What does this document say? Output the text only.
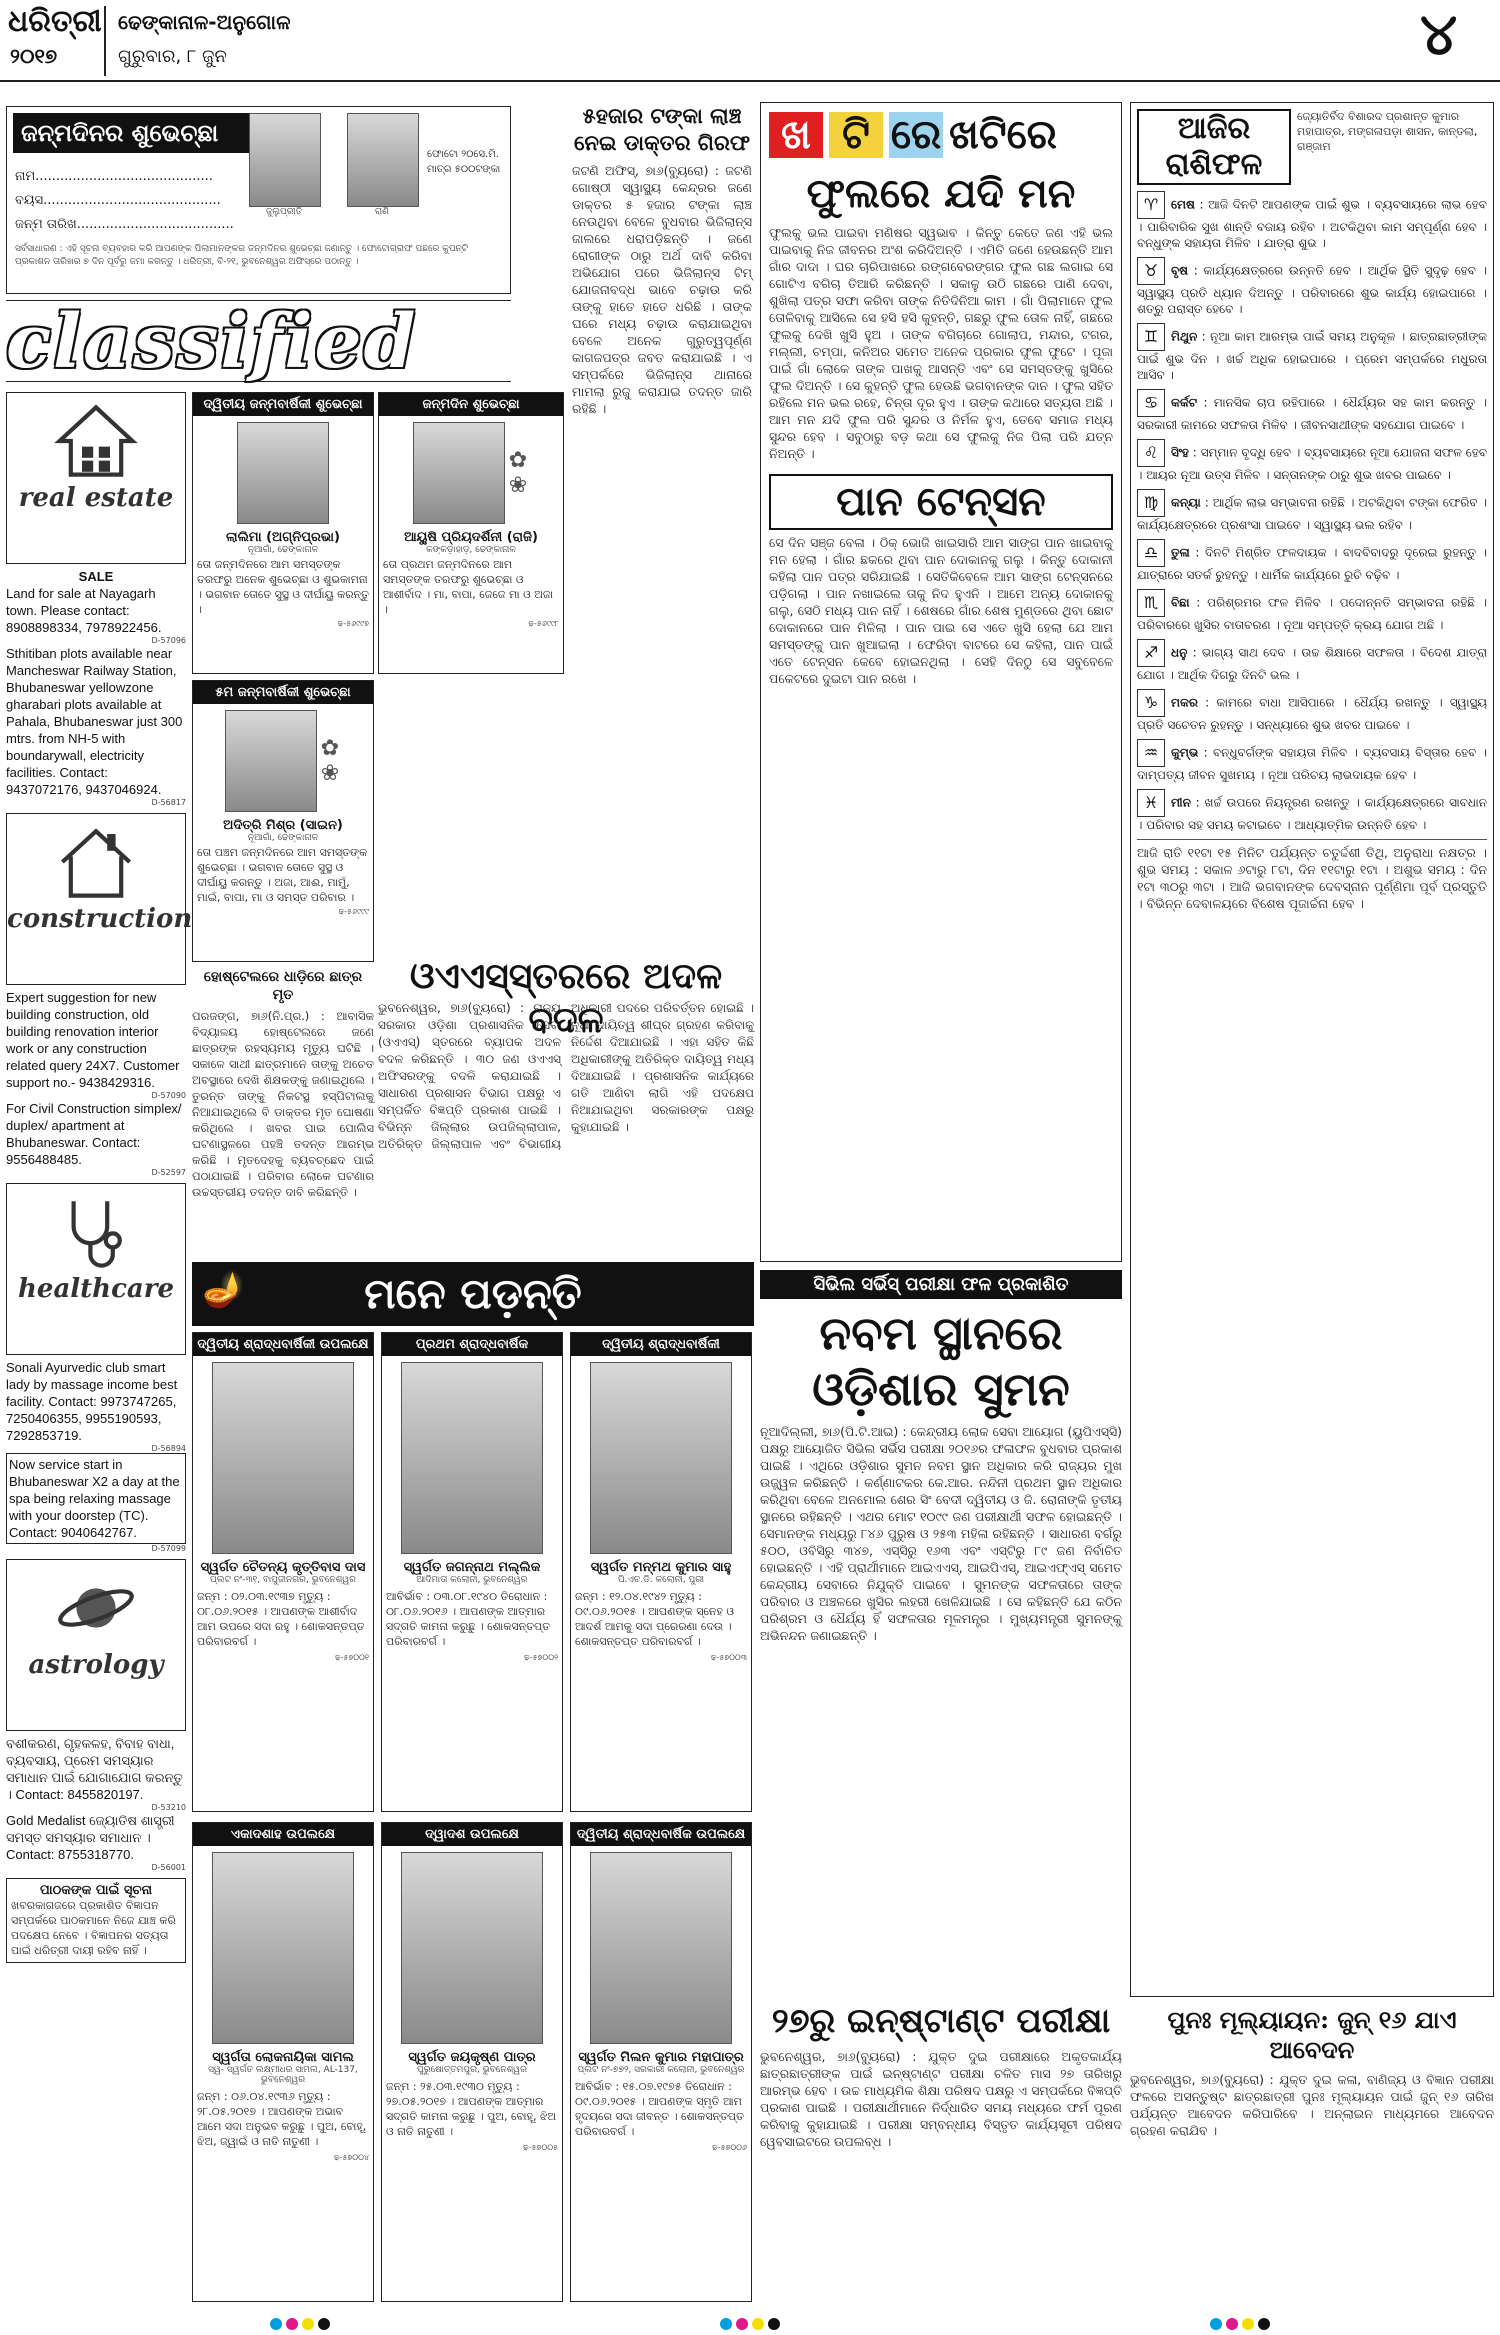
ଧରିତ୍ରୀ
୨୦୧୭
ଢେଙ୍କାନାଳ-ଅନୁଗୋଳ
ଗୁରୁବାର, ୮ ଜୁନ	୪
ଜନ୍ମଦିନର ଶୁଭେଚ୍ଛା
ନାମ...........................................
ବୟସ...........................................
ଜନ୍ମ ତାରିଖ......................................
ଜୁଲୁପ୍ରୀତି	ରାଣି
ଫୋଟୋ ୨୦ସେ.ମି. ମାତ୍ର ୫୦୦ଟଙ୍କା
ସର୍ବସାଧାରଣ : ଏହି ସୂଚନା ବ୍ୟବହାର କରି ଆପଣଙ୍କ ପିଲାମାନଙ୍କର ଜନ୍ମଦିନର ଶୁଭେଚ୍ଛା ଜଣାନ୍ତୁ । ଫୋଟୋଗ୍ରାଫ ପଛରେ କୁପନ୍‌ଟି ପ୍ରକାଶନ ତାରିଖର ୭ ଦିନ ପୂର୍ବରୁ ଜମା କରନ୍ତୁ । ଧରିତ୍ରୀ, ବି-୨୧, ଭୁବନେଶ୍ୱର ଅଫିସ୍‌ରେ ପଠାନ୍ତୁ ।
classified
real estate
SALE
Land for sale at Nayagarh town. Please contact: 8908898334, 7978922456.
D-57096
Sthitiban plots available near Mancheswar Railway Station, Bhubaneswar yellowzone gharabari plots available at Pahala, Bhubaneswar just 300 mtrs. from NH-5 with boundarywall, electricity facilities. Contact: 9437072176, 9437046924.
D-56817
construction
Expert suggestion for new building construction, old building renovation interior work or any construction related query 24X7. Customer support no.- 9438429316.
D-57090
For Civil Construction simplex/ duplex/ apartment at Bhubaneswar. Contact: 9556488485.
D-52597
healthcare
Sonali Ayurvedic club smart lady by massage income best facility. Contact: 9973747265, 7250406355, 9955190593, 7292853719.
D-56894
Now service start in Bhubaneswar X2 a day at the spa being relaxing massage with your doorstep (TC). Contact: 9040642767.
D-57099
astrology
ବଶୀକରଣ, ଗୃହକଳହ, ବିବାହ ବାଧା, ବ୍ୟବସାୟ, ପ୍ରେମ ସମସ୍ୟାର ସମାଧାନ ପାଇଁ ଯୋଗାଯୋଗ କରନ୍ତୁ । Contact: 8455820197.
D-53210
Gold Medalist ଜ୍ୟୋତିଷ ଶାସ୍ତ୍ରୀ ସମସ୍ତ ସମସ୍ୟାର ସମାଧାନ । Contact: 8755318770.
D-56001
ପାଠକଙ୍କ ପାଇଁ ସୂଚନା
ଖବରକାଗଜରେ ପ୍ରକାଶିତ ବିଜ୍ଞାପନ ସମ୍ପର୍କରେ ପାଠକମାନେ ନିଜେ ଯାଞ୍ଚ କରି ପଦକ୍ଷେପ ନେବେ । ବିଜ୍ଞାପନର ସତ୍ୟତା ପାଇଁ ଧରିତ୍ରୀ ଦାୟୀ ରହିବ ନାହିଁ ।
ଦ୍ୱିତୀୟ ଜନ୍ମବାର୍ଷିକୀ ଶୁଭେଚ୍ଛା
ଲାଲିମା (ଅଗ୍ନିପ୍ରଭା)
ନୂଆଗାଁ, ଢେଙ୍କାନାଳ
ତୋ ଜନ୍ମଦିନରେ ଆମ ସମସ୍ତଙ୍କ ତରଫରୁ ଅନେକ ଶୁଭେଚ୍ଛା ଓ ଶୁଭକାମନା । ଭଗବାନ ତୋତେ ସୁସ୍ଥ ଓ ଦୀର୍ଘାୟୁ କରନ୍ତୁ ।
ଢ-୫୬୯୯୭
ଜନ୍ମଦିନ ଶୁଭେଚ୍ଛା
✿
❀
ଆୟୁଷି ପ୍ରିୟଦର୍ଶିନୀ (ରାଜି)
କଙ୍କଡ଼ାହାଡ଼, ଢେଙ୍କାନାଳ
ତୋ ପ୍ରଥମ ଜନ୍ମଦିନରେ ଆମ ସମସ୍ତଙ୍କ ତରଫରୁ ଶୁଭେଚ୍ଛା ଓ ଆଶୀର୍ବାଦ । ମା, ବାପା, ଜେଜେ ମା ଓ ଅଜା ।
ଢ-୫୬୯୯୮
୫ମ ଜନ୍ମବାର୍ଷିକୀ ଶୁଭେଚ୍ଛା
✿
❀
ଅଦିତ୍ରି ମିଶ୍ର (ସାଇନ)
ନୂଆଗାଁ, ଢେଙ୍କାନାଳ
ତୋ ପଞ୍ଚମ ଜନ୍ମଦିନରେ ଆମ ସମସ୍ତଙ୍କ ଶୁଭେଚ୍ଛା । ଭଗବାନ ତୋତେ ସୁସ୍ଥ ଓ ଦୀର୍ଘାୟୁ କରନ୍ତୁ । ଅଜା, ଆଈ, ମାମୁଁ, ମାଇଁ, ବାପା, ମା ଓ ସମସ୍ତ ପରିବାର ।
ଢ-୫୬୯୯୯
୫ହଜାର ଟଙ୍କା ଲାଞ୍ଚ ନେଇ ଡାକ୍ତର ଗିରଫ
ଜଟଣି ଅଫିସ୍‌, ୭ା୬(ବ୍ୟୁରୋ) : ଜଟଣି ଗୋଷ୍ଠୀ ସ୍ୱାସ୍ଥ୍ୟ କେନ୍ଦ୍ରର ଜଣେ ଡାକ୍ତର ୫ ହଜାର ଟଙ୍କା ଲାଞ୍ଚ ନେଉଥିବା ବେଳେ ବୁଧବାର ଭିଜିଲାନ୍ସ ଜାଲରେ ଧରାପଡ଼ିଛନ୍ତି । ଜଣେ ରୋଗୀଙ୍କ ଠାରୁ ଅର୍ଥ ଦାବି କରିବା ଅଭିଯୋଗ ପରେ ଭିଜିଲାନ୍ସ ଟିମ୍‌ ଯୋଜନାବଦ୍ଧ ଭାବେ ଚଢ଼ାଉ କରି ତାଙ୍କୁ ହାତେ ହାତେ ଧରିଛି । ତାଙ୍କ ଘରେ ମଧ୍ୟ ଚଢ଼ାଉ କରାଯାଇଥିବା ବେଳେ ଅନେକ ଗୁରୁତ୍ୱପୂର୍ଣ୍ଣ କାଗଜପତ୍ର ଜବତ କରାଯାଇଛି । ଏ ସମ୍ପର୍କରେ ଭିଜିଲାନ୍ସ ଥାନାରେ ମାମଲା ରୁଜୁ କରାଯାଇ ତଦନ୍ତ ଜାରି ରହିଛି ।
ହୋଷ୍ଟେଲରେ ଧାଡ଼ିରେ ଛାତ୍ର ମୃତ
ପରଜଙ୍ଗ, ୭ା୬(ନି.ପ୍ର.) : ଆବାସିକ ବିଦ୍ୟାଳୟ ହୋଷ୍ଟେଲରେ ଜଣେ ଛାତ୍ରଙ୍କ ରହସ୍ୟମୟ ମୃତ୍ୟୁ ଘଟିଛି । ସକାଳେ ସାଥୀ ଛାତ୍ରମାନେ ତାଙ୍କୁ ଅଚେତ ଅବସ୍ଥାରେ ଦେଖି ଶିକ୍ଷକଙ୍କୁ ଜଣାଇଥିଲେ । ତୁରନ୍ତ ତାଙ୍କୁ ନିକଟସ୍ଥ ହସ୍ପିଟାଲକୁ ନିଆଯାଇଥିଲେ ବି ଡାକ୍ତର ମୃତ ଘୋଷଣା କରିଥିଲେ । ଖବର ପାଇ ପୋଲିସ ଘଟଣାସ୍ଥଳରେ ପହଞ୍ଚି ତଦନ୍ତ ଆରମ୍ଭ କରିଛି । ମୃତଦେହକୁ ବ୍ୟବଚ୍ଛେଦ ପାଇଁ ପଠାଯାଇଛି । ପରିବାର ଲୋକେ ଘଟଣାର ଉଚ୍ଚସ୍ତରୀୟ ତଦନ୍ତ ଦାବି କରିଛନ୍ତି ।
ଓଏଏସ୍‌ସ୍ତରରେ ଅଦଳ ବଦଳ
ଭୁବନେଶ୍ୱର, ୭ା୬(ବ୍ୟୁରୋ) : ରାଜ୍ୟ ସରକାର ଓଡ଼ିଶା ପ୍ରଶାସନିକ ସେବା (ଓଏଏସ୍‌) ସ୍ତରରେ ବ୍ୟାପକ ଅଦଳ ବଦଳ କରିଛନ୍ତି । ୩୦ ଜଣ ଓଏଏସ୍‌ ଅଫିସରଙ୍କୁ ବଦଳି କରାଯାଇଛି । ସାଧାରଣ ପ୍ରଶାସନ ବିଭାଗ ପକ୍ଷରୁ ଏ ସମ୍ପର୍କିତ ବିଜ୍ଞପ୍ତି ପ୍ରକାଶ ପାଇଛି । ବିଭିନ୍ନ ଜିଲ୍ଲାର ଉପଜିଲ୍ଲାପାଳ, ଅତିରିକ୍ତ ଜିଲ୍ଲାପାଳ ଏବଂ ବିଭାଗୀୟ ଅଧିକାରୀ ପଦରେ ପରିବର୍ତ୍ତନ ହୋଇଛି । ନୂଆ ଦାୟିତ୍ୱ ଶୀଘ୍ର ଗ୍ରହଣ କରିବାକୁ ନିର୍ଦ୍ଦେଶ ଦିଆଯାଇଛି । ଏହା ସହିତ କିଛି ଅଧିକାରୀଙ୍କୁ ଅତିରିକ୍ତ ଦାୟିତ୍ୱ ମଧ୍ୟ ଦିଆଯାଇଛି । ପ୍ରଶାସନିକ କାର୍ଯ୍ୟରେ ଗତି ଆଣିବା ଲାଗି ଏହି ପଦକ୍ଷେପ ନିଆଯାଇଥିବା ସରକାରଙ୍କ ପକ୍ଷରୁ କୁହାଯାଇଛି ।
🪔	ମନେ ପଡ଼ନ୍ତି
ଦ୍ୱିତୀୟ ଶ୍ରାଦ୍ଧବାର୍ଷିକୀ ଉପଲକ୍ଷେ
ସ୍ୱର୍ଗତ ଚୈତନ୍ୟ କୃତ୍ତିବାସ ଦାସ
ପ୍ଲଟ ନଂ-୩୧, ବାପୁଜୀନଗର, ଭୁବନେଶ୍ୱର
ଜନ୍ମ : ୦୨.୦୩.୧୯୩୭ ମୃତ୍ୟୁ : ୦୮.୦୬.୨୦୧୫ । ଆପଣଙ୍କ ଆଶୀର୍ବାଦ ଆମ ଉପରେ ସଦା ରହୁ । ଶୋକସନ୍ତପ୍ତ ପରିବାରବର୍ଗ ।
ଢ-୫୭୦୦୧
ପ୍ରଥମ ଶ୍ରାଦ୍ଧବାର୍ଷିକ
ସ୍ୱର୍ଗତ ଜଗନ୍ନାଥ ମଲ୍ଲିକ
ଆଦିମାତା କଲୋନୀ, ଭୁବନେଶ୍ୱର
ଆବିର୍ଭାବ : ୦୩.୦୮.୧୯୪୦ ତିରୋଧାନ : ୦୮.୦୬.୨୦୧୬ । ଆପଣଙ୍କ ଆତ୍ମାର ସଦ୍‌ଗତି କାମନା କରୁଛୁ । ଶୋକସନ୍ତପ୍ତ ପରିବାରବର୍ଗ ।
ଢ-୫୭୦୦୨
ଦ୍ୱିତୀୟ ଶ୍ରାଦ୍ଧବାର୍ଷିକୀ
ସ୍ୱର୍ଗତ ମନ୍ମଥ କୁମାର ସାହୁ
ପି.ଏଚ.ଡି. କଲୋନୀ, ପୁରୀ
ଜନ୍ମ : ୧୨.୦୪.୧୯୪୨ ମୃତ୍ୟୁ : ୦୯.୦୬.୨୦୧୫ । ଆପଣଙ୍କ ସ୍ନେହ ଓ ଆଦର୍ଶ ଆମକୁ ସଦା ପ୍ରେରଣା ଦେଉ । ଶୋକସନ୍ତପ୍ତ ପରିବାରବର୍ଗ ।
ଢ-୫୭୦୦୩
ଏକାଦଶାହ ଉପଲକ୍ଷେ
ସ୍ୱର୍ଗତା ଲୋକନାୟିକା ସାମଲ
ସ୍ୱ- ସ୍ୱର୍ଗତ ଲକ୍ଷ୍ମୀଧର ସାମଲ, AL-137, ଭୁବନେଶ୍ୱର
ଜନ୍ମ : ୦୬.୦୪.୧୯୩୬ ମୃତ୍ୟୁ : ୨୮.୦୫.୨୦୧୭ । ଆପଣଙ୍କ ଅଭାବ ଆମେ ସଦା ଅନୁଭବ କରୁଛୁ । ପୁଅ, ବୋହୂ, ଝିଅ, ଜ୍ୱାଇଁ ଓ ନାତି ନାତୁଣୀ ।
ଢ-୫୭୦୦୪
ଦ୍ୱାଦଶ ଉପଲକ୍ଷେ
ସ୍ୱର୍ଗତ ଜୟକୃଷ୍ଣ ପାତ୍ର
ପୁରୁଷୋତ୍ତମପୁର, ଭୁବନେଶ୍ୱର
ଜନ୍ମ : ୨୫.୦୩.୧୯୩୦ ମୃତ୍ୟୁ : ୨୭.୦୫.୨୦୧୭ । ଆପଣଙ୍କ ଆତ୍ମାର ସଦ୍‌ଗତି କାମନା କରୁଛୁ । ପୁଅ, ବୋହୂ, ଝିଅ ଓ ନାତି ନାତୁଣୀ ।
ଢ-୫୭୦୦୫
ଦ୍ୱିତୀୟ ଶ୍ରାଦ୍ଧବାର୍ଷିକ ଉପଲକ୍ଷେ
ସ୍ୱର୍ଗତ ମିଲନ କୁମାର ମହାପାତ୍ର
ପ୍ଲଟ ନଂ-୭୭୨, ସରକାରୀ କଲୋନୀ, ଭୁବନେଶ୍ୱର
ଆବିର୍ଭାବ : ୧୫.୦୭.୧୯୭୫ ତିରୋଧାନ : ୦୯.୦୬.୨୦୧୫ । ଆପଣଙ୍କ ସ୍ମୃତି ଆମ ହୃଦୟରେ ସଦା ଜୀବନ୍ତ । ଶୋକସନ୍ତପ୍ତ ପରିବାରବର୍ଗ ।
ଢ-୫୭୦୦୬
ଖ ଟି ରେ ଖଟିରେ
ଫୁଲରେ ଯଦି ମନ
ଫୁଲକୁ ଭଲ ପାଇବା ମଣିଷର ସ୍ୱଭାବ । କିନ୍ତୁ କେତେ ଜଣ ଏହି ଭଲ ପାଇବାକୁ ନିଜ ଜୀବନର ଅଂଶ କରିଦିଅନ୍ତି । ଏମିତି ଜଣେ ହେଉଛନ୍ତି ଆମ ଗାଁର ଦାଦା । ଘର ଚାରିପାଖରେ ରଙ୍ଗବେରଙ୍ଗର ଫୁଲ ଗଛ ଲଗାଇ ସେ ଗୋଟିଏ ବଗିଚା ତିଆରି କରିଛନ୍ତି । ସକାଳୁ ଉଠି ଗଛରେ ପାଣି ଦେବା, ଶୁଖିଲା ପତ୍ର ସଫା କରିବା ତାଙ୍କ ନିତିଦିନିଆ କାମ । ଗାଁ ପିଲାମାନେ ଫୁଲ ତୋଳିବାକୁ ଆସିଲେ ସେ ହସି ହସି କୁହନ୍ତି, ଗଛରୁ ଫୁଲ ତୋଳ ନାହିଁ, ଗଛରେ ଫୁଲକୁ ଦେଖି ଖୁସି ହୁଅ । ତାଙ୍କ ବଗିଚାରେ ଗୋଲାପ, ମନ୍ଦାର, ଟଗର, ମଲ୍ଲୀ, ଚମ୍ପା, କନିଅର ସମେତ ଅନେକ ପ୍ରକାର ଫୁଲ ଫୁଟେ । ପୂଜା ପାଇଁ ଗାଁ ଲୋକେ ତାଙ୍କ ପାଖକୁ ଆସନ୍ତି ଏବଂ ସେ ସମସ୍ତଙ୍କୁ ଖୁସିରେ ଫୁଲ ଦିଅନ୍ତି । ସେ କୁହନ୍ତି ଫୁଲ ହେଉଛି ଭଗବାନଙ୍କ ଦାନ । ଫୁଲ ସହିତ ରହିଲେ ମନ ଭଲ ରହେ, ଚିନ୍ତା ଦୂର ହୁଏ । ତାଙ୍କ କଥାରେ ସତ୍ୟତା ଅଛି । ଆମ ମନ ଯଦି ଫୁଲ ପରି ସୁନ୍ଦର ଓ ନିର୍ମଳ ହୁଏ, ତେବେ ସମାଜ ମଧ୍ୟ ସୁନ୍ଦର ହେବ । ସବୁଠାରୁ ବଡ଼ କଥା ସେ ଫୁଲକୁ ନିଜ ପିଲା ପରି ଯତ୍ନ ନିଅନ୍ତି ।
ପାନ ଟେନ୍‌ସନ
ସେ ଦିନ ସଞ୍ଜ ବେଳା । ଠିକ୍‌ ଭୋଜି ଖାଇସାରି ଆମ ସାଙ୍ଗ ପାନ ଖାଇବାକୁ ମନ ହେଲା । ଗାଁର ଛକରେ ଥିବା ପାନ ଦୋକାନକୁ ଗଲୁ । କିନ୍ତୁ ଦୋକାନୀ କହିଲା ପାନ ପତ୍ର ସରିଯାଇଛି । ସେତିକିବେଳେ ଆମ ସାଙ୍ଗ ଟେନ୍‌ସନରେ ପଡ଼ିଗଲା । ପାନ ନଖାଇଲେ ତାକୁ ନିଦ ହୁଏନି । ଆମେ ଅନ୍ୟ ଦୋକାନକୁ ଗଲୁ, ସେଠି ମଧ୍ୟ ପାନ ନାହିଁ । ଶେଷରେ ଗାଁର ଶେଷ ମୁଣ୍ଡରେ ଥିବା ଛୋଟ ଦୋକାନରେ ପାନ ମିଳିଲା । ପାନ ପାଇ ସେ ଏତେ ଖୁସି ହେଲା ଯେ ଆମ ସମସ୍ତଙ୍କୁ ପାନ ଖୁଆଇଲା । ଫେରିବା ବାଟରେ ସେ କହିଲା, ପାନ ପାଇଁ ଏତେ ଟେନ୍‌ସନ କେବେ ହୋଇନଥିଲା । ସେହି ଦିନଠୁ ସେ ସବୁବେଳେ ପକେଟରେ ଦୁଇଟା ପାନ ରଖେ ।
ସିଭିଲ ସର୍ଭିସ୍‌ ପରୀକ୍ଷା ଫଳ ପ୍ରକାଶିତ
ନବମ ସ୍ଥାନରେ ଓଡ଼ିଶାର ସୁମନ
ନୂଆଦିଲ୍ଲୀ, ୭ା୬(ପି.ଟି.ଆଇ) : କେନ୍ଦ୍ରୀୟ ଲୋକ ସେବା ଆୟୋଗ (ୟୁପିଏସ୍‌ସି) ପକ୍ଷରୁ ଆୟୋଜିତ ସିଭିଲ ସର୍ଭିସ ପରୀକ୍ଷା ୨୦୧୬ର ଫଳାଫଳ ବୁଧବାର ପ୍ରକାଶ ପାଇଛି । ଏଥିରେ ଓଡ଼ିଶାର ସୁମନ ନବମ ସ୍ଥାନ ଅଧିକାର କରି ରାଜ୍ୟର ମୁଖ ଉଜ୍ଜ୍ୱଳ କରିଛନ୍ତି । କର୍ଣ୍ଣାଟକର କେ.ଆର. ନନ୍ଦିନୀ ପ୍ରଥମ ସ୍ଥାନ ଅଧିକାର କରିଥିବା ବେଳେ ଅନମୋଲ ଶେର ସିଂ ବେଦୀ ଦ୍ୱିତୀୟ ଓ ଜି. ରୋନାଙ୍କି ତୃତୀୟ ସ୍ଥାନରେ ରହିଛନ୍ତି । ଏଥର ମୋଟ ୧୦୯୯ ଜଣ ପରୀକ୍ଷାର୍ଥୀ ସଫଳ ହୋଇଛନ୍ତି । ସେମାନଙ୍କ ମଧ୍ୟରୁ ୮୪୬ ପୁରୁଷ ଓ ୨୫୩ ମହିଳା ରହିଛନ୍ତି । ସାଧାରଣ ବର୍ଗରୁ ୫୦୦, ଓବିସିରୁ ୩୪୭, ଏସ୍‌ସିରୁ ୧୬୩ ଏବଂ ଏସ୍‌ଟିରୁ ୮୯ ଜଣ ନିର୍ବାଚିତ ହୋଇଛନ୍ତି । ଏହି ପ୍ରାର୍ଥୀମାନେ ଆଇଏଏସ୍‌, ଆଇପିଏସ୍‌, ଆଇଏଫ୍‌ଏସ୍‌ ସମେତ କେନ୍ଦ୍ରୀୟ ସେବାରେ ନିଯୁକ୍ତି ପାଇବେ । ସୁମନଙ୍କ ସଫଳତାରେ ତାଙ୍କ ପରିବାର ଓ ଅଞ୍ଚଳରେ ଖୁସିର ଲହରୀ ଖେଳିଯାଇଛି । ସେ କହିଛନ୍ତି ଯେ କଠିନ ପରିଶ୍ରମ ଓ ଧୈର୍ଯ୍ୟ ହିଁ ସଫଳତାର ମୂଳମନ୍ତ୍ର । ମୁଖ୍ୟମନ୍ତ୍ରୀ ସୁମନଙ୍କୁ ଅଭିନନ୍ଦନ ଜଣାଇଛନ୍ତି ।
୨୭ରୁ ଇନ୍‌ଷ୍ଟାଣ୍ଟ ପରୀକ୍ଷା
ଭୁବନେଶ୍ୱର, ୭ା୬(ବ୍ୟୁରୋ) : ଯୁକ୍ତ ଦୁଇ ପରୀକ୍ଷାରେ ଅକୃତକାର୍ଯ୍ୟ ଛାତ୍ରଛାତ୍ରୀଙ୍କ ପାଇଁ ଇନ୍‌ଷ୍ଟାଣ୍ଟ ପରୀକ୍ଷା ଚଳିତ ମାସ ୨୭ ତାରିଖରୁ ଆରମ୍ଭ ହେବ । ଉଚ୍ଚ ମାଧ୍ୟମିକ ଶିକ୍ଷା ପରିଷଦ ପକ୍ଷରୁ ଏ ସମ୍ପର୍କରେ ବିଜ୍ଞପ୍ତି ପ୍ରକାଶ ପାଇଛି । ପରୀକ୍ଷାର୍ଥୀମାନେ ନିର୍ଦ୍ଧାରିତ ସମୟ ମଧ୍ୟରେ ଫର୍ମ ପୂରଣ କରିବାକୁ କୁହାଯାଇଛି । ପରୀକ୍ଷା ସମ୍ବନ୍ଧୀୟ ବିସ୍ତୃତ କାର୍ଯ୍ୟସୂଚୀ ପରିଷଦ ୱେବସାଇଟରେ ଉପଲବ୍ଧ ।
ଆଜିର ରାଶିଫଳ
ଜ୍ୟୋତିର୍ବିଦ ବିଶାରଦ ପ୍ରଶାନ୍ତ କୁମାର ମହାପାତ୍ର, ମଙ୍ଗଳାପଡ଼ା ଶାସନ, କାନ୍ତଲା, ଗଞ୍ଜାମ
♈ ମେଷ : ଆଜି ଦିନଟି ଆପଣଙ୍କ ପାଇଁ ଶୁଭ । ବ୍ୟବସାୟରେ ଲାଭ ହେବ । ପାରିବାରିକ ସୁଖ ଶାନ୍ତି ବଜାୟ ରହିବ । ଅଟକିଥିବା କାମ ସମ୍ପୂର୍ଣ୍ଣ ହେବ । ବନ୍ଧୁଙ୍କ ସହାୟତା ମିଳିବ । ଯାତ୍ରା ଶୁଭ ।
♉ ବୃଷ : କାର୍ଯ୍ୟକ୍ଷେତ୍ରରେ ଉନ୍ନତି ହେବ । ଆର୍ଥିକ ସ୍ଥିତି ସୁଦୃଢ଼ ହେବ । ସ୍ୱାସ୍ଥ୍ୟ ପ୍ରତି ଧ୍ୟାନ ଦିଅନ୍ତୁ । ପରିବାରରେ ଶୁଭ କାର୍ଯ୍ୟ ହୋଇପାରେ । ଶତ୍ରୁ ପରାସ୍ତ ହେବେ ।
♊ ମିଥୁନ : ନୂଆ କାମ ଆରମ୍ଭ ପାଇଁ ସମୟ ଅନୁକୂଳ । ଛାତ୍ରଛାତ୍ରୀଙ୍କ ପାଇଁ ଶୁଭ ଦିନ । ଖର୍ଚ୍ଚ ଅଧିକ ହୋଇପାରେ । ପ୍ରେମ ସମ୍ପର୍କରେ ମଧୁରତା ଆସିବ ।
♋ କର୍କଟ : ମାନସିକ ଚାପ ରହିପାରେ । ଧୈର୍ଯ୍ୟର ସହ କାମ କରନ୍ତୁ । ସରକାରୀ କାମରେ ସଫଳତା ମିଳିବ । ଜୀବନସାଥୀଙ୍କ ସହଯୋଗ ପାଇବେ ।
♌ ସିଂହ : ସମ୍ମାନ ବୃଦ୍ଧି ହେବ । ବ୍ୟବସାୟରେ ନୂଆ ଯୋଜନା ସଫଳ ହେବ । ଆୟର ନୂଆ ଉତ୍ସ ମିଳିବ । ସନ୍ତାନଙ୍କ ଠାରୁ ଶୁଭ ଖବର ପାଇବେ ।
♍ କନ୍ୟା : ଆର୍ଥିକ ଲାଭ ସମ୍ଭାବନା ରହିଛି । ଅଟକିଥିବା ଟଙ୍କା ଫେରିବ । କାର୍ଯ୍ୟକ୍ଷେତ୍ରରେ ପ୍ରଶଂସା ପାଇବେ । ସ୍ୱାସ୍ଥ୍ୟ ଭଲ ରହିବ ।
♎ ତୁଳା : ଦିନଟି ମିଶ୍ରିତ ଫଳଦାୟକ । ବାଦବିବାଦରୁ ଦୂରେଇ ରୁହନ୍ତୁ । ଯାତ୍ରାରେ ସତର୍କ ରୁହନ୍ତୁ । ଧାର୍ମିକ କାର୍ଯ୍ୟରେ ରୁଚି ବଢ଼ିବ ।
♏ ବିଛା : ପରିଶ୍ରମର ଫଳ ମିଳିବ । ପଦୋନ୍ନତି ସମ୍ଭାବନା ରହିଛି । ପରିବାରରେ ଖୁସିର ବାତାବରଣ । ନୂଆ ସମ୍ପତ୍ତି କ୍ରୟ ଯୋଗ ଅଛି ।
♐ ଧନୁ : ଭାଗ୍ୟ ସାଥ ଦେବ । ଉଚ୍ଚ ଶିକ୍ଷାରେ ସଫଳତା । ବିଦେଶ ଯାତ୍ରା ଯୋଗ । ଆର୍ଥିକ ଦିଗରୁ ଦିନଟି ଭଲ ।
♑ ମକର : କାମରେ ବାଧା ଆସିପାରେ । ଧୈର୍ଯ୍ୟ ରଖନ୍ତୁ । ସ୍ୱାସ୍ଥ୍ୟ ପ୍ରତି ସଚେତନ ରୁହନ୍ତୁ । ସନ୍ଧ୍ୟାରେ ଶୁଭ ଖବର ପାଇବେ ।
♒ କୁମ୍ଭ : ବନ୍ଧୁବର୍ଗଙ୍କ ସହାୟତା ମିଳିବ । ବ୍ୟବସାୟ ବିସ୍ତାର ହେବ । ଦାମ୍ପତ୍ୟ ଜୀବନ ସୁଖମୟ । ନୂଆ ପରିଚୟ ଲାଭଦାୟକ ହେବ ।
♓ ମୀନ : ଖର୍ଚ୍ଚ ଉପରେ ନିୟନ୍ତ୍ରଣ ରଖନ୍ତୁ । କାର୍ଯ୍ୟକ୍ଷେତ୍ରରେ ସାବଧାନ । ପରିବାର ସହ ସମୟ କଟାଇବେ । ଆଧ୍ୟାତ୍ମିକ ଉନ୍ନତି ହେବ ।
ଆଜି ରାତି ୧୧ଟା ୧୫ ମିନିଟ ପର୍ଯ୍ୟନ୍ତ ଚତୁର୍ଦ୍ଦଶୀ ତିଥି, ଅନୁରାଧା ନକ୍ଷତ୍ର । ଶୁଭ ସମୟ : ସକାଳ ୬ଟାରୁ ୮ଟା, ଦିନ ୧୧ଟାରୁ ୧ଟା । ଅଶୁଭ ସମୟ : ଦିନ ୧ଟା ୩୦ରୁ ୩ଟା । ଆଜି ଭଗବାନଙ୍କ ଦେବସ୍ନାନ ପୂର୍ଣ୍ଣିମା ପୂର୍ବ ପ୍ରସ୍ତୁତି । ବିଭିନ୍ନ ଦେବାଳୟରେ ବିଶେଷ ପୂଜାର୍ଚ୍ଚନା ହେବ ।
ପୁନଃ ମୂଲ୍ୟାୟନ: ଜୁନ୍‌ ୧୬ ଯାଏ ଆବେଦନ
ଭୁବନେଶ୍ୱର, ୭ା୬(ବ୍ୟୁରୋ) : ଯୁକ୍ତ ଦୁଇ କଳା, ବାଣିଜ୍ୟ ଓ ବିଜ୍ଞାନ ପରୀକ୍ଷା ଫଳରେ ଅସନ୍ତୁଷ୍ଟ ଛାତ୍ରଛାତ୍ରୀ ପୁନଃ ମୂଲ୍ୟାୟନ ପାଇଁ ଜୁନ୍‌ ୧୬ ତାରିଖ ପର୍ଯ୍ୟନ୍ତ ଆବେଦନ କରିପାରିବେ । ଅନ୍‌ଲାଇନ ମାଧ୍ୟମରେ ଆବେଦନ ଗ୍ରହଣ କରାଯିବ ।
